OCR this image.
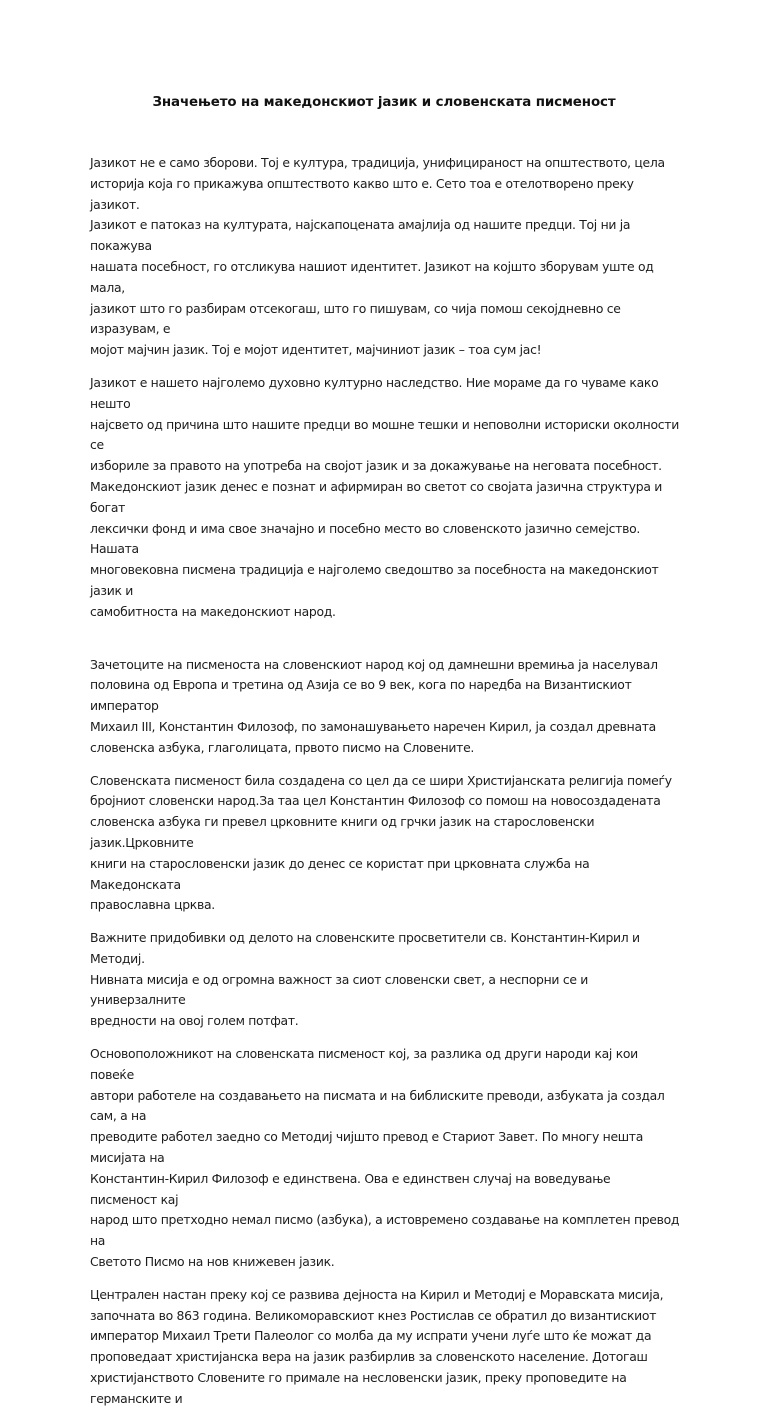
Значењето на македонскиот јазик и словенската писменост

Јазикот не е само зборови. Тој е култура, традиција, унифицираност на општеството, цела
историја која го прикажува општеството какво што е. Сето тоа е отелотворено преку јазикот.
Јазикот е патоказ на културата, најскапоцената амајлија од нашите предци. Тој ни ја покажува
нашата посебност, го отсликува нашиот идентитет. Јазикот на којшто зборувам уште од мала,
јазикот што го разбирам отсекогаш, што го пишувам, со чија помош секојдневно се изразувам, е
мојот мајчин јазик. Тој е мојот идентитет, мајчиниот јазик – тоа сум јас!

Јазикот е нашето најголемо духовно културно наследство. Ние мораме да го чуваме како нешто
најсвето од причина што нашите предци во мошне тешки и неповолни историски околности се
избориле за правото на употреба на својот јазик и за докажување на неговата посебност.
Македонскиот јазик денес е познат и афирмиран во светот со својата јазична структура и богат
лексички фонд и има свое значајно и посебно место во словенското јазично семејство. Нашата
многовековна писмена традиција е најголемо сведоштво за посебноста на македонскиот јазик и
самобитноста на македонскиот народ.

Зачетоците на писменоста на словенскиот народ кој од дамнешни времиња ја населувал
половина од Европа и третина од Азија се во 9 век, кога по наредба на Византискиот император
Михаил III, Константин Филозоф, по замонашувањето наречен Кирил, ја создал древната
словенска азбука, глаголицата, првото писмо на Словените.

Словенската писменост била создадена со цел да се шири Христијанската религија помеѓу
бројниот словенски народ.За таа цел Константин Филозоф со помош на новосоздадената
словенска азбука ги превел црковните книги од грчки јазик на старословенски јазик.Црковните
книги на старословенски јазик до денес се користат при црковната служба на Македонската
православна црква.

Важните придобивки од делото на словенските просветители св. Константин-Кирил и Методиј.
Нивната мисија е од огромна важност за сиот словенски свет, а неспорни се и универзалните
вредности на овој голем потфат.

Основоположникот на словенската писменост кој, за разлика од други народи кај кои повеќе
автори работеле на создавањето на писмата и на библиските преводи, азбуката ја создал сам, а на
преводите работел заедно со Методиј чијшто превод е Стариот Завет. По многу нешта мисијата на
Константин-Кирил Филозоф е единствена. Ова е единствен случај на воведување писменост кај
народ што претходно немал писмо (азбука), а истовремено создавање на комплетен превод на
Светото Писмо на нов книжевен јазик.

Централен настан преку кој се развива дејноста на Кирил и Методиј е Моравската мисија,
започната во 863 година. Великоморавскиот кнез Ростислав се обратил до византискиот
император Михаил Трети Палеолог со молба да му испрати учени луѓе што ќе можат да
проповедаат христијанска вера на јазик разбирлив за словенското население. Дотогаш
христијанството Словените го примале на несловенски јазик, преку проповедите на германските и
